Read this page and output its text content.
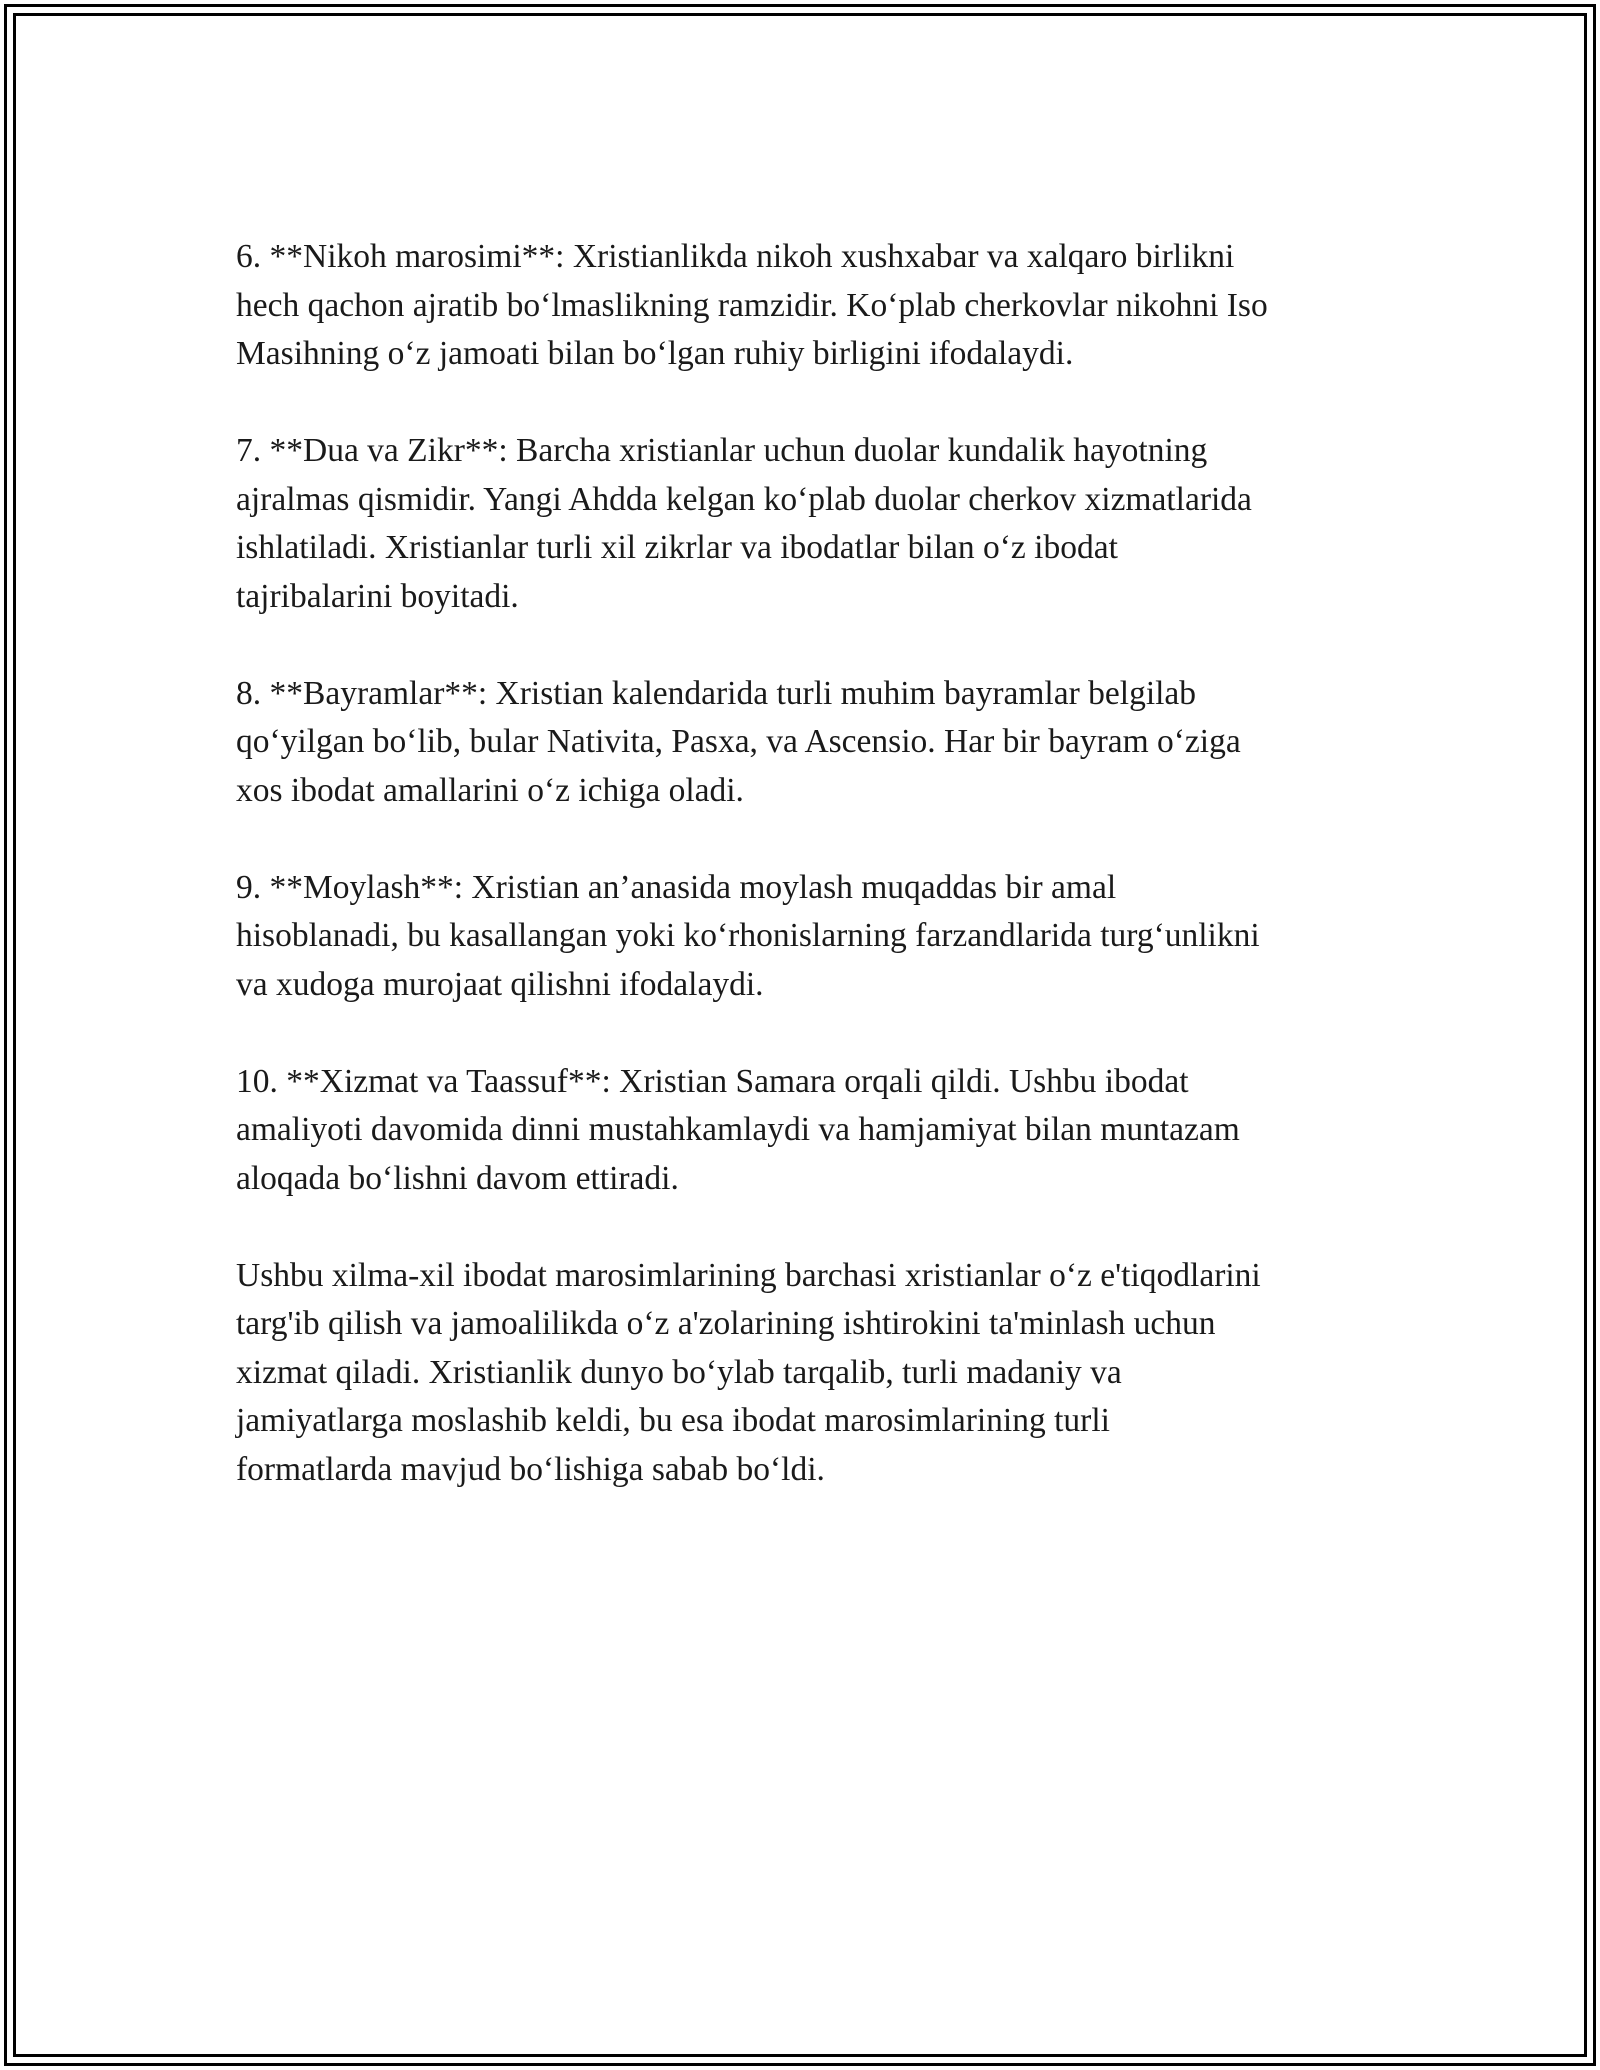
6. **Nikoh marosimi**: Xristianlikda nikoh xushxabar va xalqaro birlikni
hech qachon ajratib bo‘lmaslikning ramzidir. Ko‘plab cherkovlar nikohni Iso
Masihning o‘z jamoati bilan bo‘lgan ruhiy birligini ifodalaydi.

7. **Dua va Zikr**: Barcha xristianlar uchun duolar kundalik hayotning
ajralmas qismidir. Yangi Ahdda kelgan ko‘plab duolar cherkov xizmatlarida
ishlatiladi. Xristianlar turli xil zikrlar va ibodatlar bilan o‘z ibodat
tajribalarini boyitadi.

8. **Bayramlar**: Xristian kalendarida turli muhim bayramlar belgilab
qo‘yilgan bo‘lib, bular Nativita, Pasxa, va Ascensio. Har bir bayram o‘ziga
xos ibodat amallarini o‘z ichiga oladi.

9. **Moylash**: Xristian an’anasida moylash muqaddas bir amal
hisoblanadi, bu kasallangan yoki ko‘rhonislarning farzandlarida turg‘unlikni
va xudoga murojaat qilishni ifodalaydi.

10. **Xizmat va Taassuf**: Xristian Samara orqali qildi. Ushbu ibodat
amaliyoti davomida dinni mustahkamlaydi va hamjamiyat bilan muntazam
aloqada bo‘lishni davom ettiradi.

Ushbu xilma-xil ibodat marosimlarining barchasi xristianlar o‘z e'tiqodlarini
targ'ib qilish va jamoalilikda o‘z a'zolarining ishtirokini ta'minlash uchun
xizmat qiladi. Xristianlik dunyo bo‘ylab tarqalib, turli madaniy va
jamiyatlarga moslashib keldi, bu esa ibodat marosimlarining turli
formatlarda mavjud bo‘lishiga sabab bo‘ldi.
